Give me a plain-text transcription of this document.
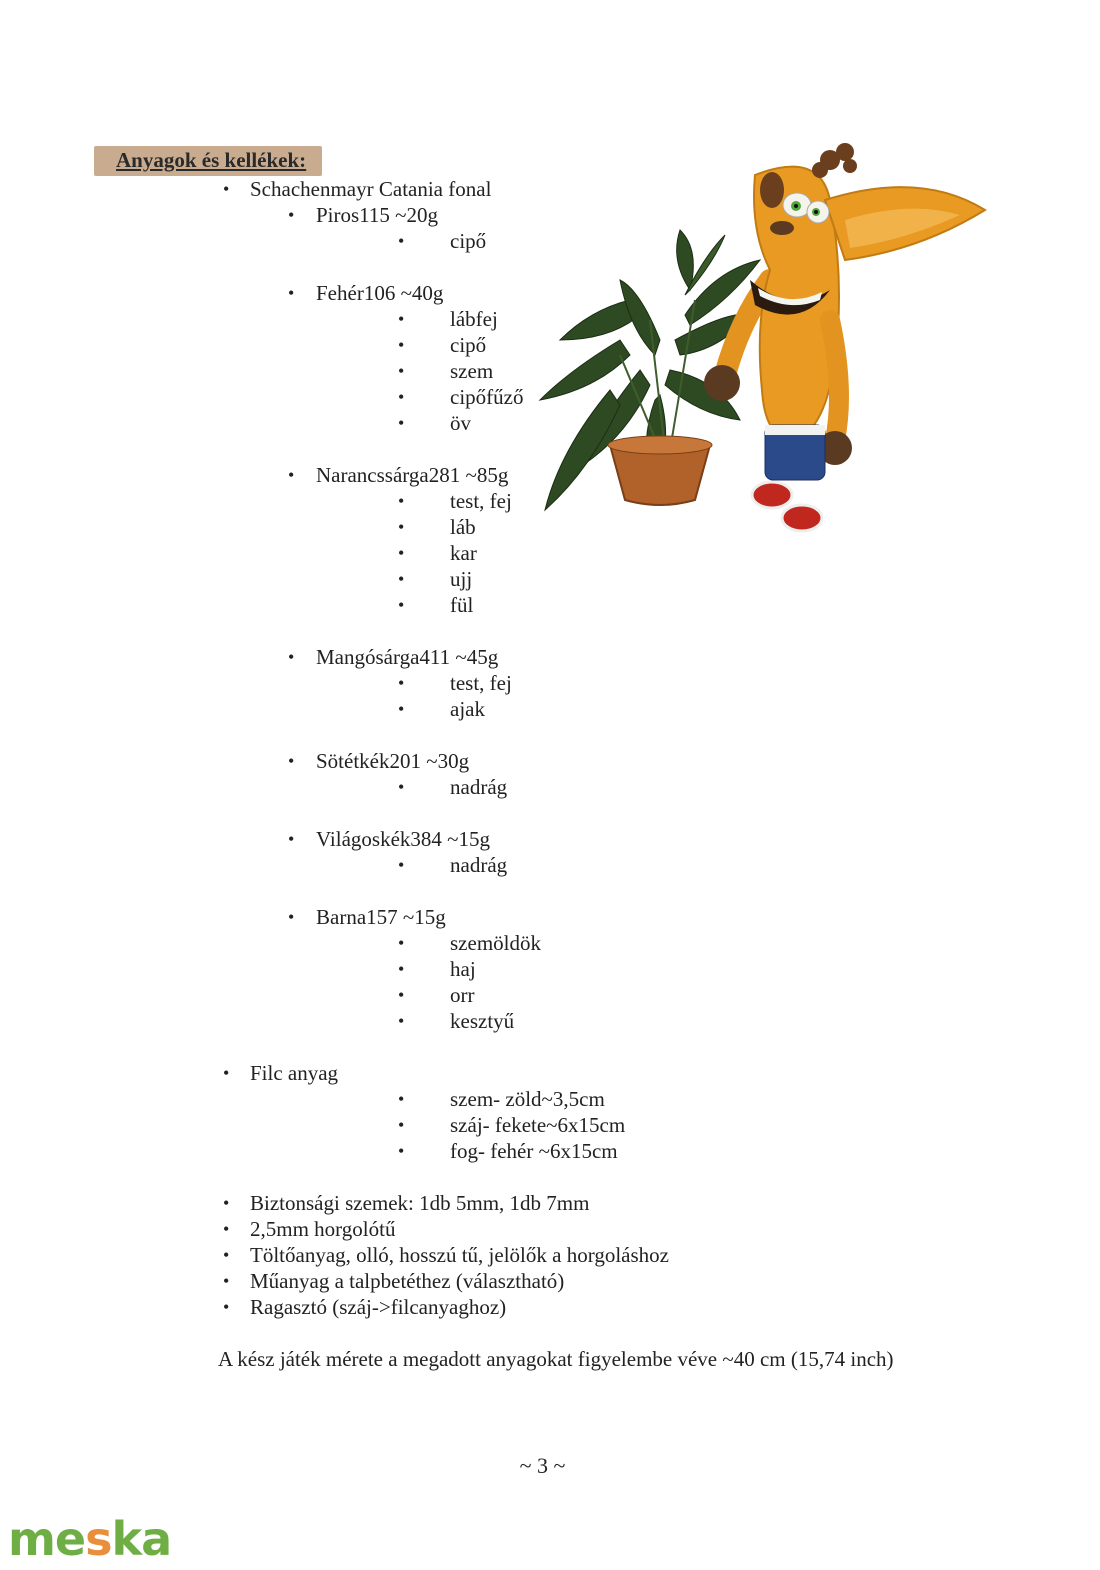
Anyagok és kellékek:
• Schachenmayr Catania fonal
• Piros115 ~20g
• cipő
• Fehér106 ~40g
• lábfej
• cipő
• szem
• cipőfűző
• öv
• Narancssárga281 ~85g
• test, fej
• láb
• kar
• ujj
• fül
• Mangósárga411 ~45g
• test, fej
• ajak
• Sötétkék201 ~30g
• nadrág
• Világoskék384 ~15g
• nadrág
• Barna157 ~15g
• szemöldök
• haj
• orr
• kesztyű
• Filc anyag
• szem- zöld~3,5cm
• száj- fekete~6x15cm
• fog- fehér ~6x15cm
• Biztonsági szemek: 1db 5mm, 1db 7mm
• 2,5mm horgolótű
• Töltőanyag, olló, hosszú tű, jelölők a horgoláshoz
• Műanyag a talpbetéthez (választható)
• Ragasztó (száj->filcanyaghoz)
A kész játék mérete a megadott anyagokat figyelembe véve ~40 cm (15,74 inch)
~ 3 ~
meska
